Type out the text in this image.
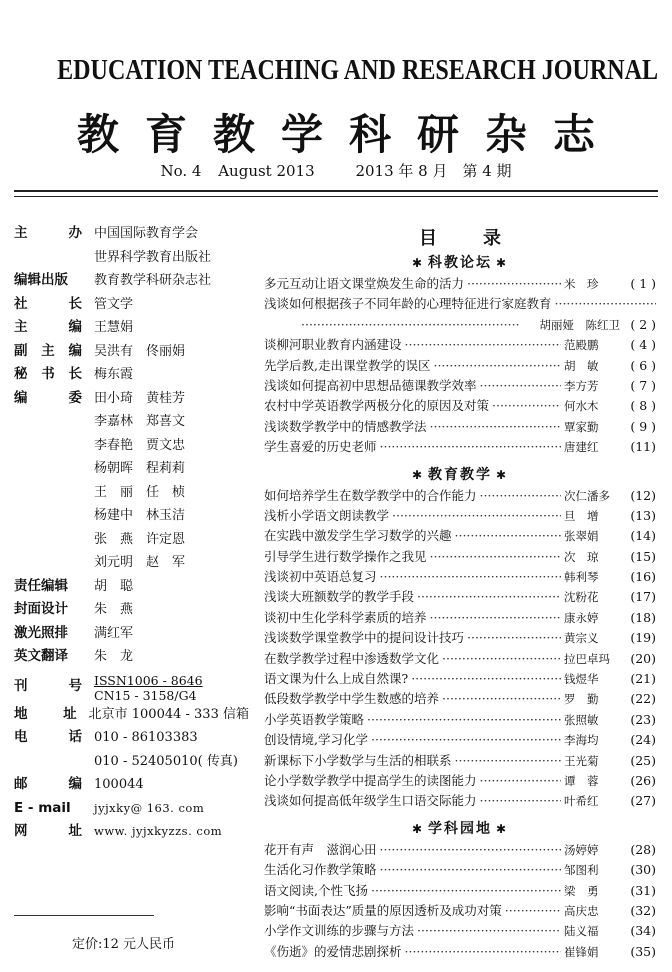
EDUCATION TEACHING AND RESEARCH JOURNAL
教育教学科研杂志
No. 4 August 2013	2013 年 8 月　第 4 期
主	办 中国国际教育学会
世界科学教育出版社
编辑出版 教育教学科研杂志社
社	长 管文学
主	编 王慧娟
副 主 编 吴洪有　佟丽娟
秘 书 长 梅东霞
编	委 田小琦　黄桂芳
李嘉林　郑喜文
李春艳　贾文忠
杨朝晖　程莉莉
王　丽　任　桢
杨建中　林玉洁
张　燕　许定恩
刘元明　赵　军
责任编辑 胡　聪
封面设计 朱　燕
激光照排 满红军
英文翻译 朱　龙
刊	号 ISSN1006 - 8646
CN15 - 3158/G4
地	址 北京市 100044 - 333 信箱
电	话 010 - 86103383
010 - 52405010( 传真)
邮	编 100044
E - mail	jyjxky@ 163. com
网	址 www. jyjxkyzzs. com
定价:12 元人民币
目　录
✱ 科教论坛 ✱
多元互动让语文课堂焕发生命的活力 ·····	米　珍	( 1 )
浅谈如何根据孩子不同年龄的心理特征进行家庭教育
·····
·····
胡丽娅　陈红卫 ( 2 )
谈柳河职业教育内涵建设 ·····	范殿鹏	( 4 )
先学后教,走出课堂教学的误区 ·····	胡　敏	( 6 )
浅谈如何提高初中思想品德课教学效率 ·····	李方芳	( 7 )
农村中学英语教学两极分化的原因及对策 ·····	何水木	( 8 )
浅谈数学教学中的情感教学法 ·····	覃家勤	( 9 )
学生喜爱的历史老师 ·····	唐建红	(11)
✱ 教育教学 ✱
如何培养学生在数学教学中的合作能力 ·····	次仁潘多	(12)
浅析小学语文朗读教学 ·····	旦　增	(13)
在实践中激发学生学习数学的兴趣 ·····	张翠娟	(14)
引导学生进行数学操作之我见 ·····	次　琼	(15)
浅谈初中英语总复习 ·····	韩利琴	(16)
浅谈大班额数学的教学手段 ·····	沈粉花	(17)
谈初中生化学科学素质的培养 ·····	康永婷	(18)
浅谈数学课堂教学中的提问设计技巧 ·····	黄宗义	(19)
在数学教学过程中渗透数学文化 ·····	拉巴卓玛	(20)
语文课为什么上成自然课? ·····	钱煜华	(21)
低段数学教学中学生数感的培养 ·····	罗　勤	(22)
小学英语教学策略 ·····	张照敏	(23)
创设情境,学习化学 ·····	李海均	(24)
新课标下小学数学与生活的相联系 ·····	王光菊	(25)
论小学数学教学中提高学生的读图能力 ·····	谭　蓉	(26)
浅谈如何提高低年级学生口语交际能力 ·····	叶希红	(27)
✱ 学科园地 ✱
花开有声　滋润心田 ·····	汤婷婷	(28)
生活化习作教学策略 ·····	邹图利	(30)
语文阅读,个性飞扬 ·····	梁　勇	(31)
影响“书面表达”质量的原因透析及成功对策 ·····	高庆忠	(32)
小学作文训练的步骤与方法 ·····	陆义福	(34)
《伤逝》的爱情悲剧探析 ·····	崔锋娟	(35)
